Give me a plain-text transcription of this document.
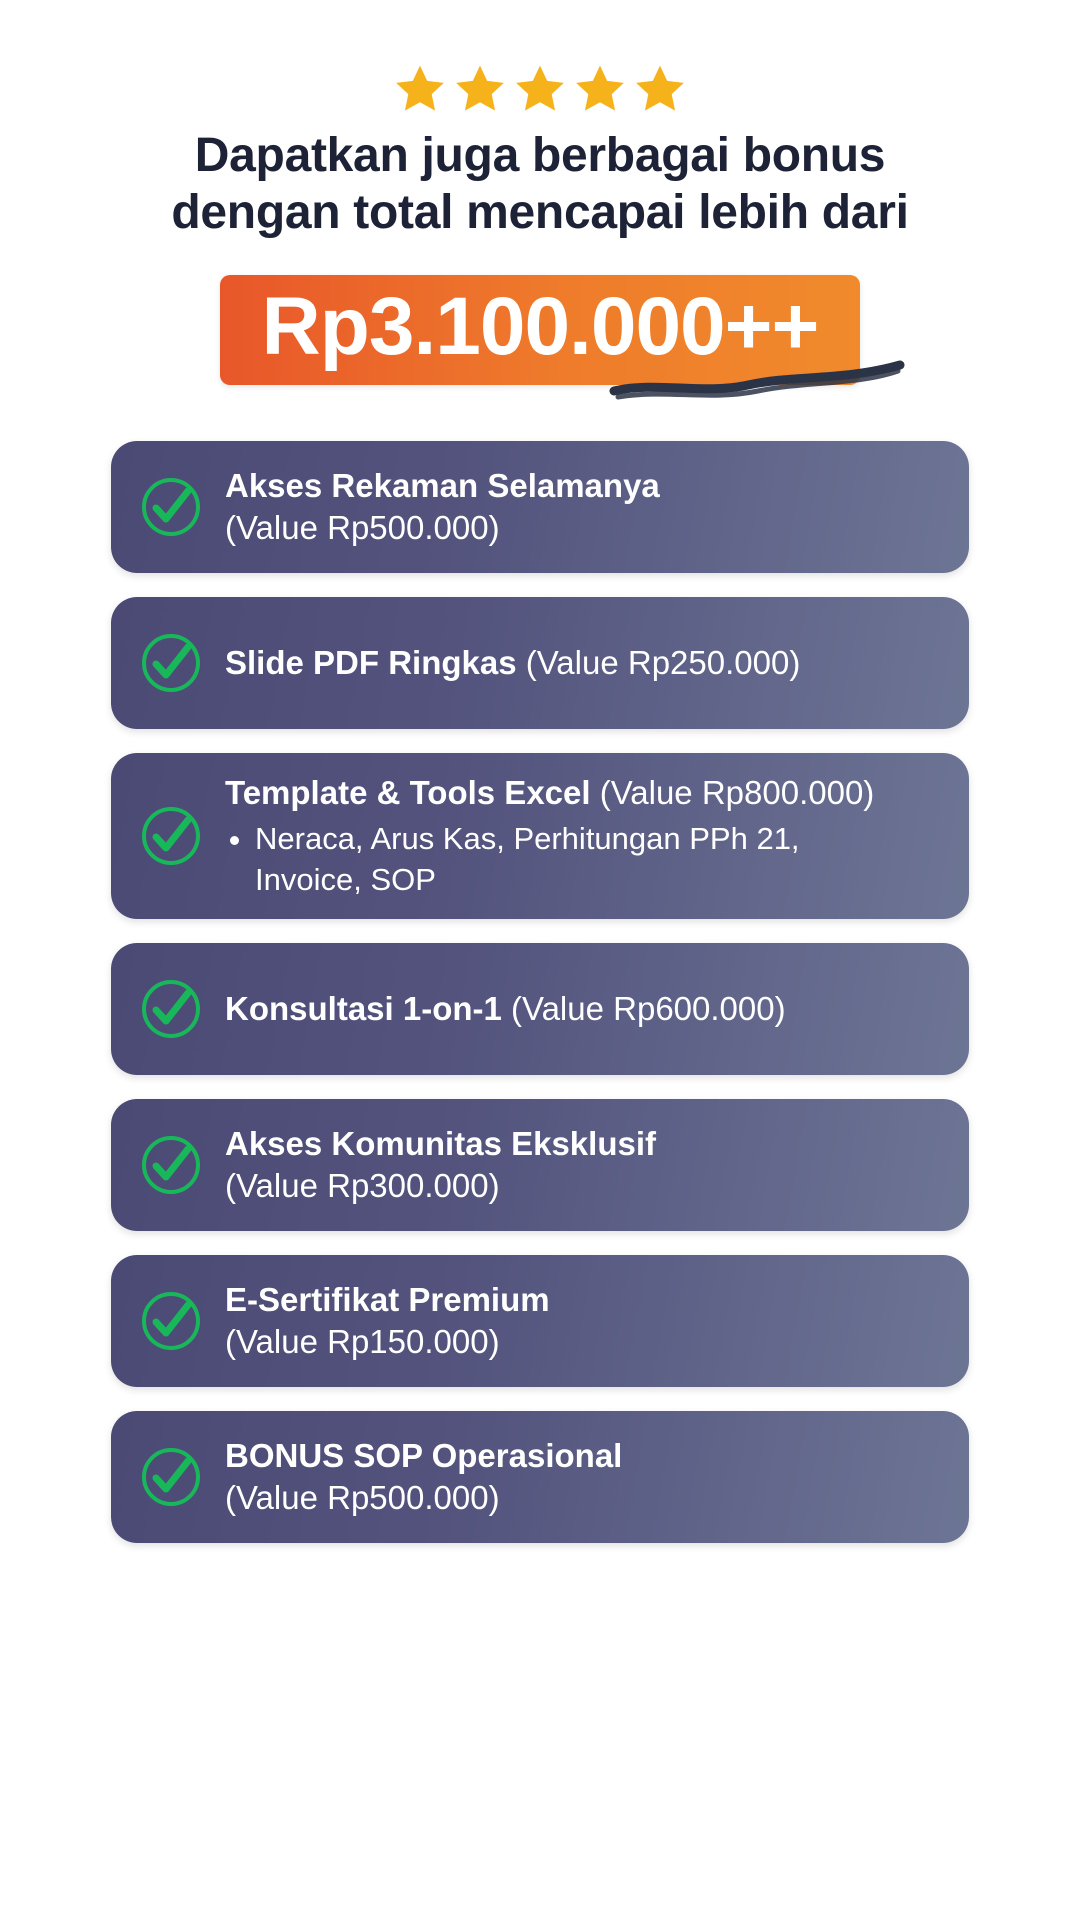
Dapatkan juga berbagai bonus
dengan total mencapai lebih dari
Rp3.100.000++
Akses Rekaman Selamanya
(Value Rp500.000)
Slide PDF Ringkas (Value Rp250.000)
Template & Tools Excel (Value Rp800.000)
• Neraca, Arus Kas, Perhitungan PPh 21, Invoice, SOP
Konsultasi 1-on-1 (Value Rp600.000)
Akses Komunitas Eksklusif
(Value Rp300.000)
E-Sertifikat Premium
(Value Rp150.000)
BONUS SOP Operasional
(Value Rp500.000)
